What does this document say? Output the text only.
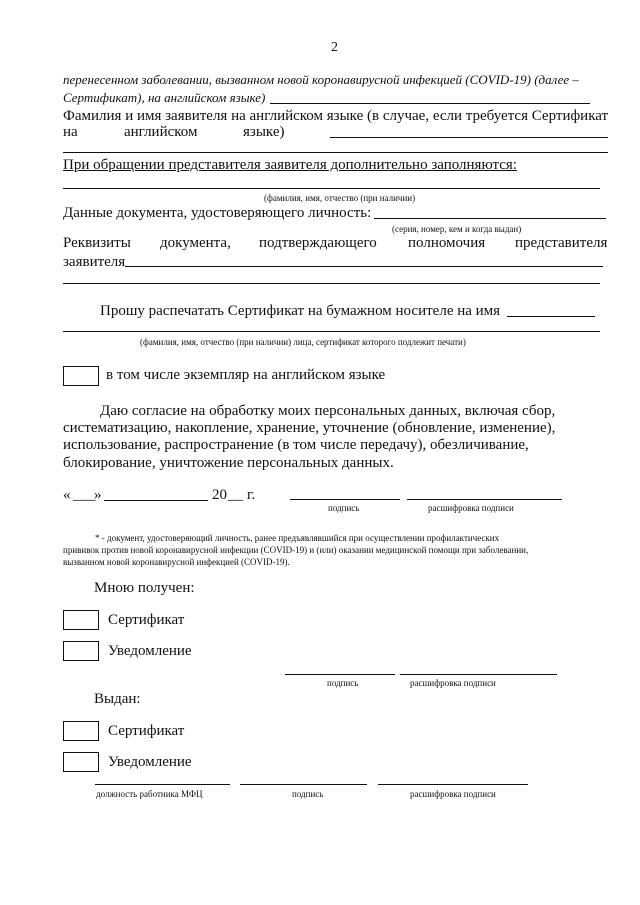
2
перенесенном заболевании, вызванном новой коронавирусной инфекцией (COVID-19) (далее –
Сертификат), на английском языке)
Фамилия и имя заявителя на английском языке (в случае, если требуется Сертификат
на	английском	языке)
При обращении представителя заявителя дополнительно заполняются:
(фамилия, имя, отчество (при наличии)
Данные документа, удостоверяющего личность:
(серия, номер, кем и когда выдан)
Реквизиты документа, подтверждающего полномочия представителя
заявителя
Прошу распечатать Сертификат на бумажном носителе на имя
(фамилия, имя, отчество (при наличии) лица, сертификат которого подлежит печати)
в том числе экземпляр на английском языке
Даю согласие на обработку моих персональных данных, включая сбор,
систематизацию, накопление, хранение, уточнение (обновление, изменение),
использование, распространение (в том числе передачу), обезличивание,
блокирование, уничтожение персональных данных.
« ___
»	20 __ г.
подпись	расшифровка подписи
* - документ, удостоверяющий личность, ранее предъявлявшийся при осуществлении профилактических
прививок против новой коронавирусной инфекции (COVID-19) и (или) оказании медицинской помощи при заболевании,
вызванном новой коронавирусной инфекцией (COVID-19).
Мною получен:
Сертификат
Уведомление
подпись	расшифровка подписи
Выдан:
Сертификат
Уведомление
должность работника МФЦ	подпись	расшифровка подписи
